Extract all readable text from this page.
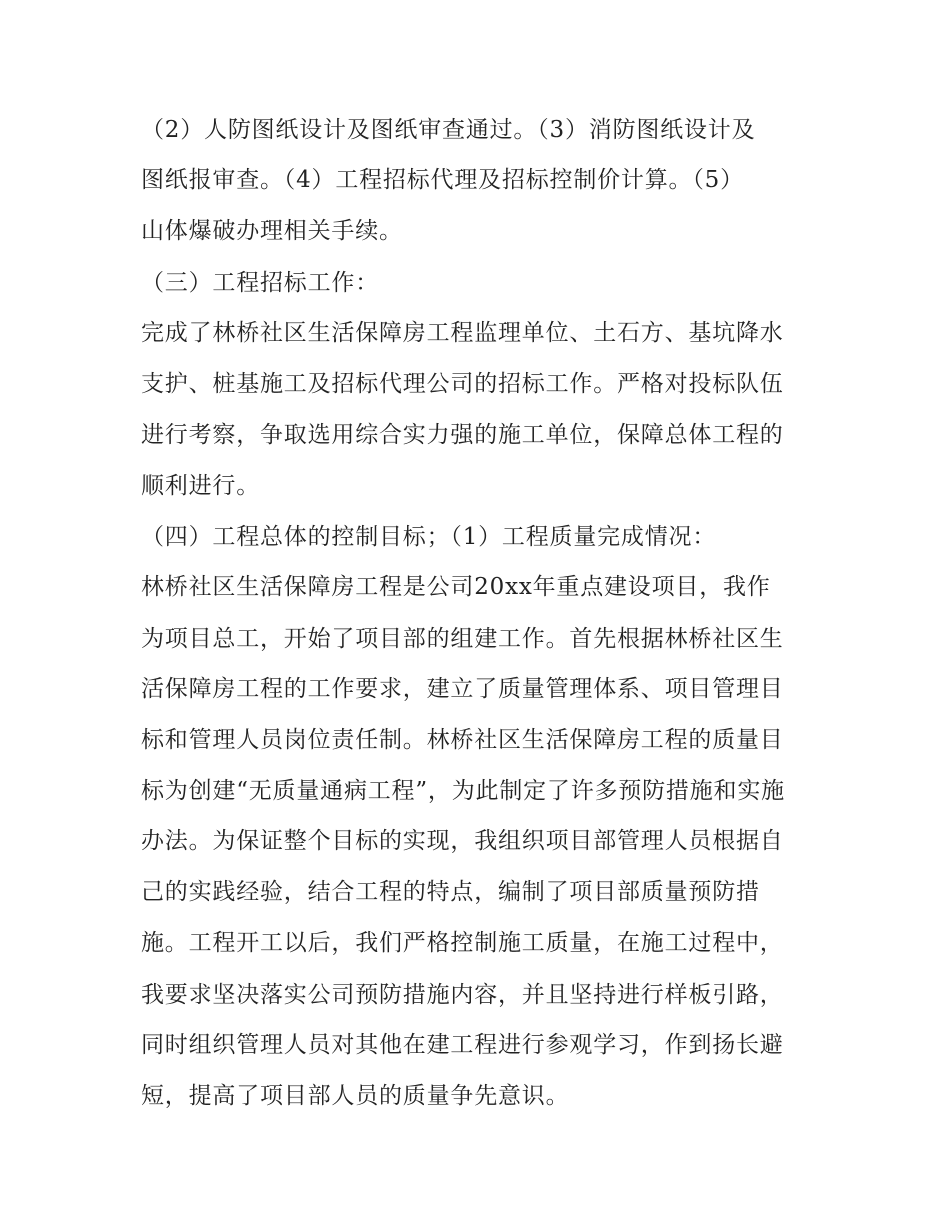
（2）人防图纸设计及图纸审查通过。（3）消防图纸设计及
图纸报审查。（4）工程招标代理及招标控制价计算。（5）
山体爆破办理相关手续。
（三）工程招标工作：
完成了林桥社区生活保障房工程监理单位、土石方、基坑降水
支护、桩基施工及招标代理公司的招标工作。严格对投标队伍
进行考察，争取选用综合实力强的施工单位，保障总体工程的
顺利进行。
（四）工程总体的控制目标；（1）工程质量完成情况：
林桥社区生活保障房工程是公司20xx年重点建设项目，我作
为项目总工，开始了项目部的组建工作。首先根据林桥社区生
活保障房工程的工作要求，建立了质量管理体系、项目管理目
标和管理人员岗位责任制。林桥社区生活保障房工程的质量目
标为创建“无质量通病工程”，为此制定了许多预防措施和实施
办法。为保证整个目标的实现，我组织项目部管理人员根据自
己的实践经验，结合工程的特点，编制了项目部质量预防措
施。工程开工以后，我们严格控制施工质量，在施工过程中，
我要求坚决落实公司预防措施内容，并且坚持进行样板引路，
同时组织管理人员对其他在建工程进行参观学习，作到扬长避
短，提高了项目部人员的质量争先意识。
